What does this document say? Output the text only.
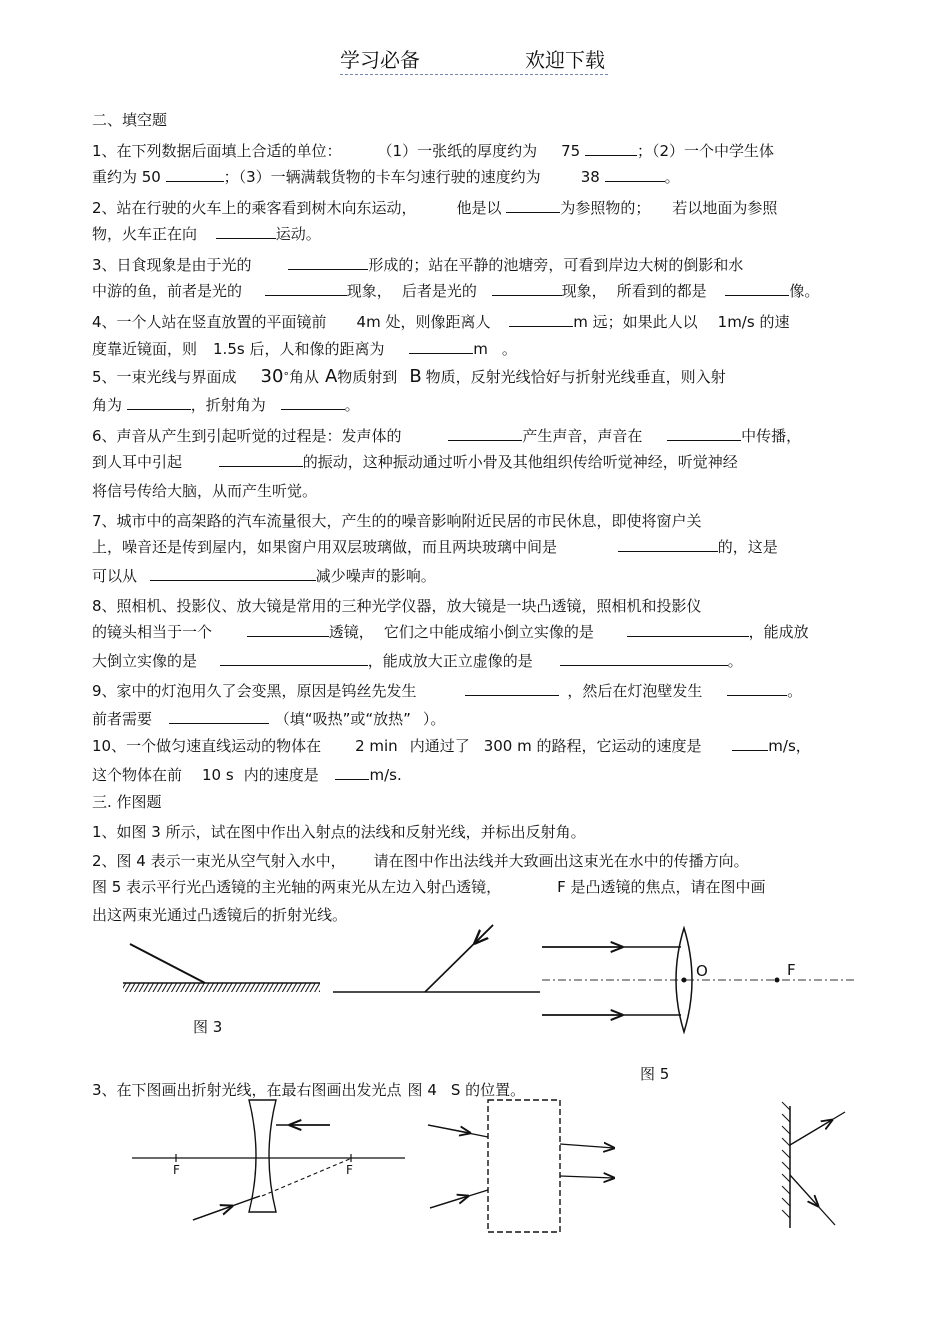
学习必备	欢迎下载
二、填空题
1、在下列数据后面填上合适的单位： （1）一张纸的厚度约为 75	；（2）一个中学生体
重约为 50	；（3）一辆满载货物的卡车匀速行驶的速度约为	38	。
2、站在行驶的火车上的乘客看到树木向东运动，	他是以	为参照物的； 若以地面为参照
物，火车正在向	运动。
3、日食现象是由于光的	形成的；站在平静的池塘旁，可看到岸边大树的倒影和水
中游的鱼，前者是光的	现象， 后者是光的	现象， 所看到的都是	像。
4、一个人站在竖直放置的平面镜前 4m 处，则像距离人	m 远；如果此人以 1m/s 的速
度靠近镜面，则 1.5s 后，人和像的距离为	m 。
5、一束光线与界面成 30°角从 A物质射到 B 物质，反射光线恰好与折射光线垂直，则入射
角为	，折射角为	。
6、声音从产生到引起听觉的过程是：发声体的	产生声音，声音在	中传播，
到人耳中引起	的振动，这种振动通过听小骨及其他组织传给听觉神经，听觉神经
将信号传给大脑，从而产生听觉。
7、城市中的高架路的汽车流量很大，产生的的噪音影响附近民居的市民休息，即使将窗户关
上，噪音还是传到屋内，如果窗户用双层玻璃做，而且两块玻璃中间是	的，这是
可以从	减少噪声的影响。
8、照相机、投影仪、放大镜是常用的三种光学仪器，放大镜是一块凸透镜，照相机和投影仪
的镜头相当于一个	透镜， 它们之中能成缩小倒立实像的是	，能成放
大倒立实像的是	，能成放大正立虚像的是	。
9、家中的灯泡用久了会变黑，原因是钨丝先发生	，然后在灯泡壁发生	。
前者需要	（填“吸热”或“放热” ）。
10、一个做匀速直线运动的物体在 2 min 内通过了 300 m 的路程，它运动的速度是	m/s，
这个物体在前 10 s 内的速度是	m/s.
三. 作图题
1、如图 3 所示，试在图中作出入射点的法线和反射光线，并标出反射角。
2、图 4 表示一束光从空气射入水中， 请在图中作出法线并大致画出这束光在水中的传播方向。
图 5 表示平行光凸透镜的主光轴的两束光从左边入射凸透镜，	F 是凸透镜的焦点，请在图中画
出这两束光通过凸透镜后的折射光线。
图 3
O	F
图 5
F	F
3、在下图画出折射光线，在最右图画出发光点 图 4 S 的位置。
